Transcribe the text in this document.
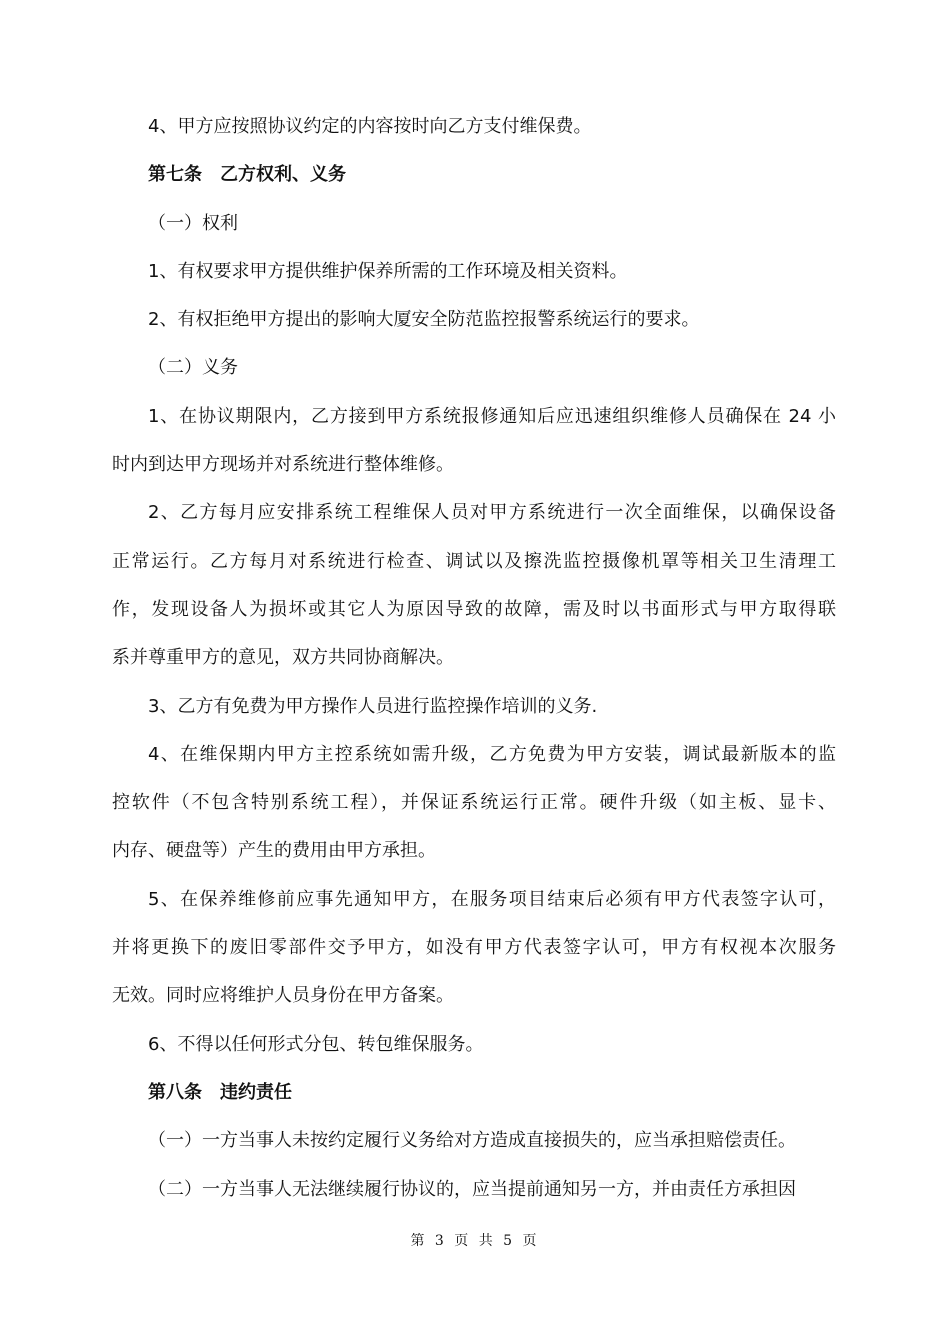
4、甲方应按照协议约定的内容按时向乙方支付维保费。
第七条　乙方权利、义务
（一）权利
1、有权要求甲方提供维护保养所需的工作环境及相关资料。
2、有权拒绝甲方提出的影响大厦安全防范监控报警系统运行的要求。
（二）义务
1、在协议期限内，乙方接到甲方系统报修通知后应迅速组织维修人员确保在 24 小
时内到达甲方现场并对系统进行整体维修。
2、乙方每月应安排系统工程维保人员对甲方系统进行一次全面维保，以确保设备
正常运行。乙方每月对系统进行检查、调试以及擦洗监控摄像机罩等相关卫生清理工
作，发现设备人为损坏或其它人为原因导致的故障，需及时以书面形式与甲方取得联
系并尊重甲方的意见，双方共同协商解决。
3、乙方有免费为甲方操作人员进行监控操作培训的义务.
4、在维保期内甲方主控系统如需升级，乙方免费为甲方安装，调试最新版本的监
控软件（不包含特别系统工程），并保证系统运行正常。硬件升级（如主板、显卡、
内存、硬盘等）产生的费用由甲方承担。
5、在保养维修前应事先通知甲方，在服务项目结束后必须有甲方代表签字认可，
并将更换下的废旧零部件交予甲方，如没有甲方代表签字认可，甲方有权视本次服务
无效。同时应将维护人员身份在甲方备案。
6、不得以任何形式分包、转包维保服务。
第八条　违约责任
（一）一方当事人未按约定履行义务给对方造成直接损失的，应当承担赔偿责任。
（二）一方当事人无法继续履行协议的，应当提前通知另一方，并由责任方承担因
第 3 页 共 5 页
